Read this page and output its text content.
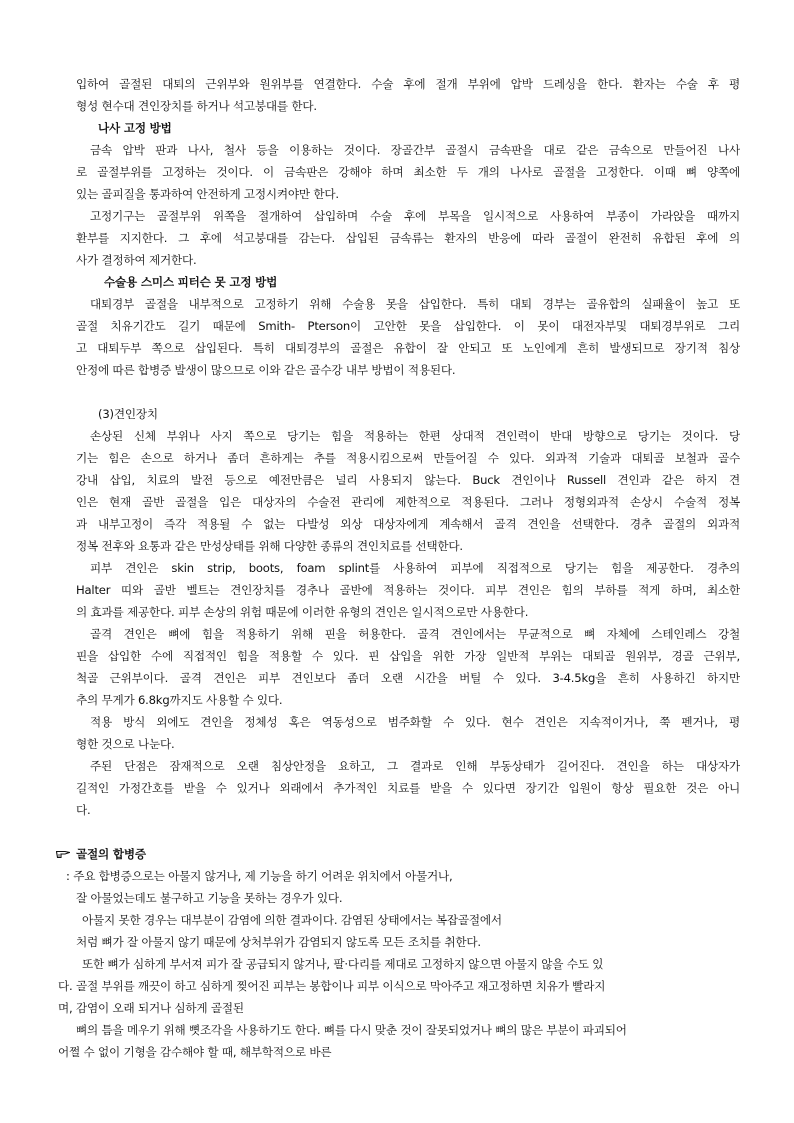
입하여 골절된 대퇴의 근위부와 원위부를 연결한다. 수술 후에 절개 부위에 압박 드레싱을 한다. 환자는 수술 후 평
형성 현수대 견인장치를 하거나 석고붕대를 한다.
나사 고정 방법
금속 압박 판과 나사, 철사 등을 이용하는 것이다. 장골간부 골절시 금속판을 대로 같은 금속으로 만들어진 나사
로 골절부위를 고정하는 것이다. 이 금속판은 강해야 하며 최소한 두 개의 나사로 골절을 고정한다. 이때 뼈 양쪽에
있는 골피질을 통과하여 안전하게 고정시켜야만 한다.
고정기구는 골절부위 위쪽을 절개하여 삽입하며 수술 후에 부목을 일시적으로 사용하여 부종이 가라앉을 때까지
환부를 지지한다. 그 후에 석고붕대를 감는다. 삽입된 금속류는 환자의 반응에 따라 골절이 완전히 유합된 후에 의
사가 결정하여 제거한다.
수술용 스미스 피터슨 못 고정 방법
대퇴경부 골절을 내부적으로 고정하기 위해 수술용 못을 삽입한다. 특히 대퇴 경부는 골유합의 실패율이 높고 또
골절 치유기간도 길기 때문에 Smith- Pterson이 고안한 못을 삽입한다. 이 못이 대전자부및 대퇴경부위로 그리
고 대퇴두부 쪽으로 삽입된다. 특히 대퇴경부의 골절은 유합이 잘 안되고 또 노인에게 흔히 발생되므로 장기적 침상
안정에 따른 합병증 발생이 많으므로 이와 같은 골수강 내부 방법이 적용된다.
(3)견인장치
손상된 신체 부위나 사지 쪽으로 당기는 힘을 적용하는 한편 상대적 견인력이 반대 방향으로 당기는 것이다. 당
기는 힘은 손으로 하거나 좀더 흔하게는 추를 적용시킴으로써 만들어질 수 있다. 외과적 기술과 대퇴골 보철과 골수
강내 삽입, 치료의 발전 등으로 예전만큼은 널리 사용되지 않는다. Buck 견인이나 Russell 견인과 같은 하지 견
인은 현재 골반 골절을 입은 대상자의 수술전 관리에 제한적으로 적용된다. 그러나 정형외과적 손상시 수술적 정복
과 내부고정이 즉각 적용될 수 없는 다발성 외상 대상자에게 계속해서 골격 견인을 선택한다. 경추 골절의 외과적
정복 전후와 요통과 같은 만성상태를 위해 다양한 종류의 견인치료를 선택한다.
피부 견인은 skin strip, boots, foam splint를 사용하여 피부에 직접적으로 당기는 힘을 제공한다. 경추의
Halter 띠와 골반 벨트는 견인장치를 경추나 골반에 적용하는 것이다. 피부 견인은 힘의 부하를 적게 하며, 최소한
의 효과를 제공한다. 피부 손상의 위험 때문에 이러한 유형의 견인은 일시적으로만 사용한다.
골격 견인은 뼈에 힘을 적용하기 위해 핀을 허용한다. 골격 견인에서는 무균적으로 뼈 자체에 스테인레스 강철
핀을 삽입한 수에 직접적인 힘을 적용할 수 있다. 핀 삽입을 위한 가장 일반적 부위는 대퇴골 원위부, 경골 근위부,
척골 근위부이다. 골격 견인은 피부 견인보다 좀더 오랜 시간을 버틸 수 있다. 3-4.5kg을 흔히 사용하긴 하지만
추의 무게가 6.8kg까지도 사용할 수 있다.
적용 방식 외에도 견인을 정체성 혹은 역동성으로 범주화할 수 있다. 현수 견인은 지속적이거나, 쭉 펜거나, 평
형한 것으로 나눈다.
주된 단점은 잠재적으로 오랜 침상안정을 요하고, 그 결과로 인해 부동상태가 길어진다. 견인을 하는 대상자가
길적인 가정간호를 받을 수 있거나 외래에서 추가적인 치료를 받을 수 있다면 장기간 입원이 항상 필요한 것은 아니
다.
골절의 합병증
: 주요 합병증으로는 아물지 않거나, 제 기능을 하기 어려운 위치에서 아물거나,
잘 아물었는데도 불구하고 기능을 못하는 경우가 있다.
아물지 못한 경우는 대부분이 감염에 의한 결과이다. 감염된 상태에서는 복잡골절에서
처럼 뼈가 잘 아물지 않기 때문에 상처부위가 감염되지 않도록 모든 조치를 취한다.
또한 뼈가 심하게 부서져 피가 잘 공급되지 않거나, 팔·다리를 제대로 고정하지 않으면 아물지 않을 수도 있
다. 골절 부위를 깨끗이 하고 심하게 찢어진 피부는 봉합이나 피부 이식으로 막아주고 재고정하면 치유가 빨라지
며, 감염이 오래 되거나 심하게 골절된
뼈의 틈을 메우기 위해 뼛조각을 사용하기도 한다. 뼈를 다시 맞춘 것이 잘못되었거나 뼈의 많은 부분이 파괴되어
어쩔 수 없이 기형을 감수해야 할 때, 해부학적으로 바른
